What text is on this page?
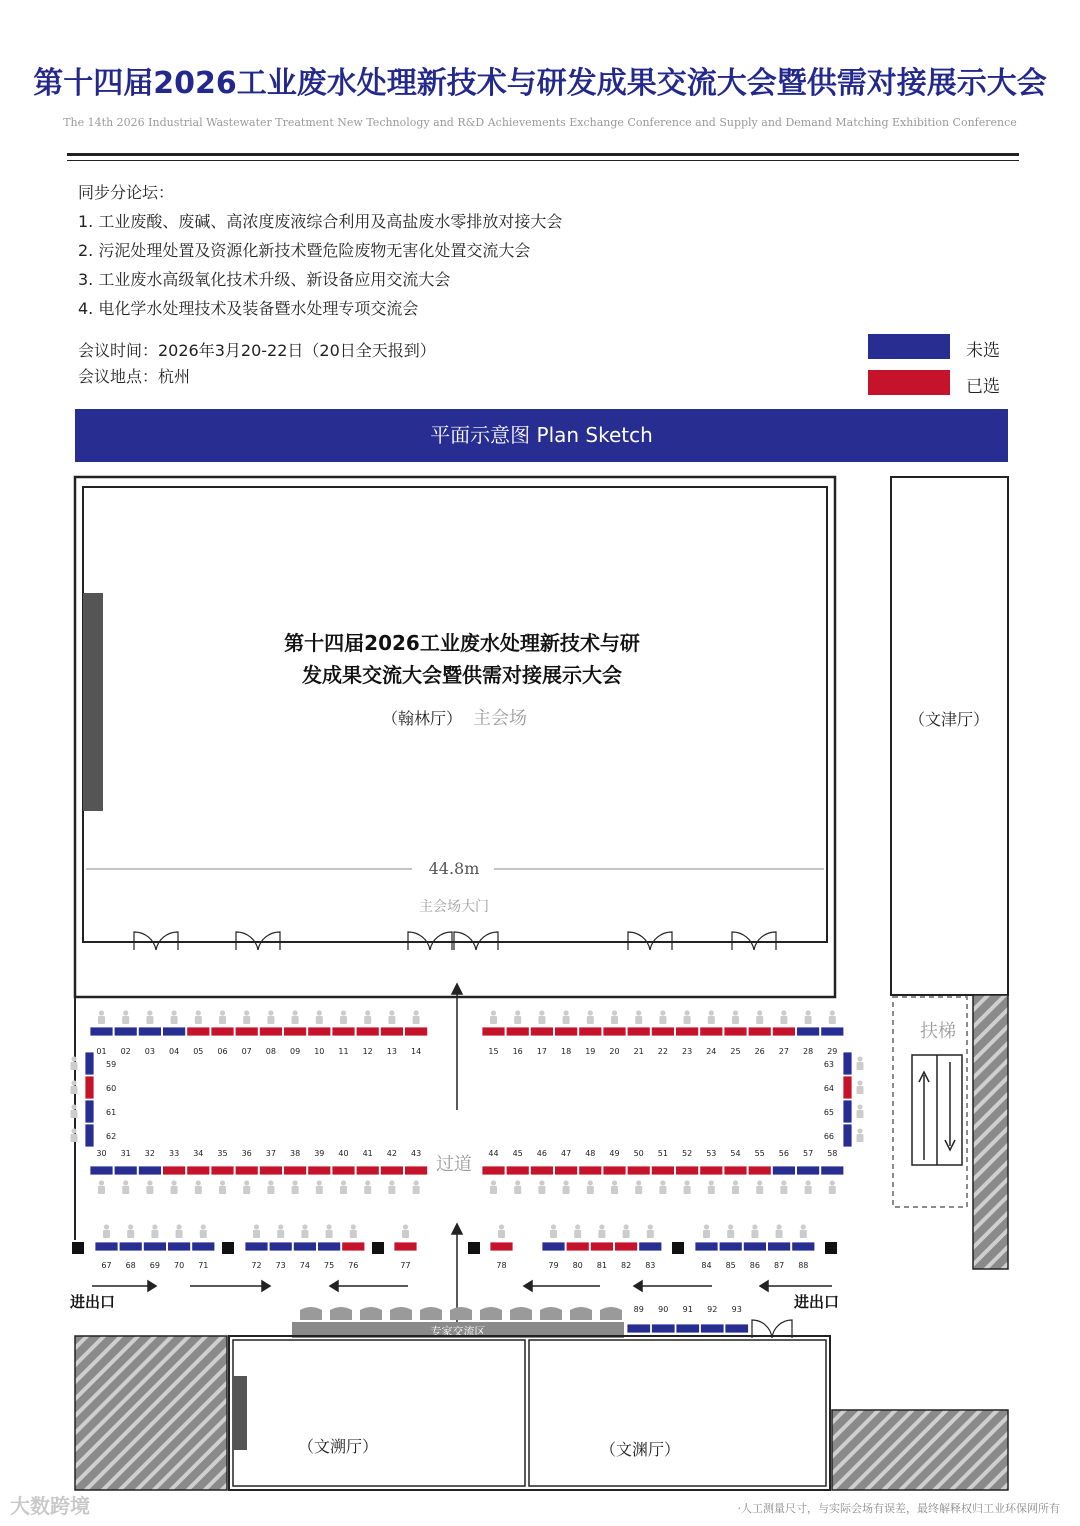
第十四届2026工业废水处理新技术与研发成果交流大会暨供需对接展示大会
The 14th 2026 Industrial Wastewater Treatment New Technology and R&D Achievements Exchange Conference and Supply and Demand Matching Exhibition Conference
同步分论坛：
1. 工业废酸、废碱、高浓度废液综合利用及高盐废水零排放对接大会
2. 污泥处理处置及资源化新技术暨危险废物无害化处置交流大会
3. 工业废水高级氧化技术升级、新设备应用交流大会
4. 电化学水处理技术及装备暨水处理专项交流会
会议时间：2026年3月20-22日（20日全天报到）
会议地点：杭州
未选
已选
平面示意图 Plan Sketch
第十四届2026工业废水处理新技术与研
发成果交流大会暨供需对接展示大会
（翰林厅） 主会场
44.8m
主会场大门
过道
（文津厅）
扶梯
进出口	进出口
专家交流区
（文溯厅）	（文渊厅）
01 02 03 04 05 06 07 08 09 10 11 12 13 14	15 16 17 18 19 20 21 22 23 24 25 26 27 28 29
30 31 32 33 34 35 36 37 38 39 40 41 42 43	44 45 46 47 48 49 50 51 52 53 54 55 56 57 58
67 68 69 70 71	72 73 74 75 76	77	78	79 80 81 82 83	84 85 86 87 88
89 90 91 92 93
59
60
61
62
63
64
65
66
大数跨境	·人工测量尺寸，与实际会场有误差，最终解释权归工业环保网所有
